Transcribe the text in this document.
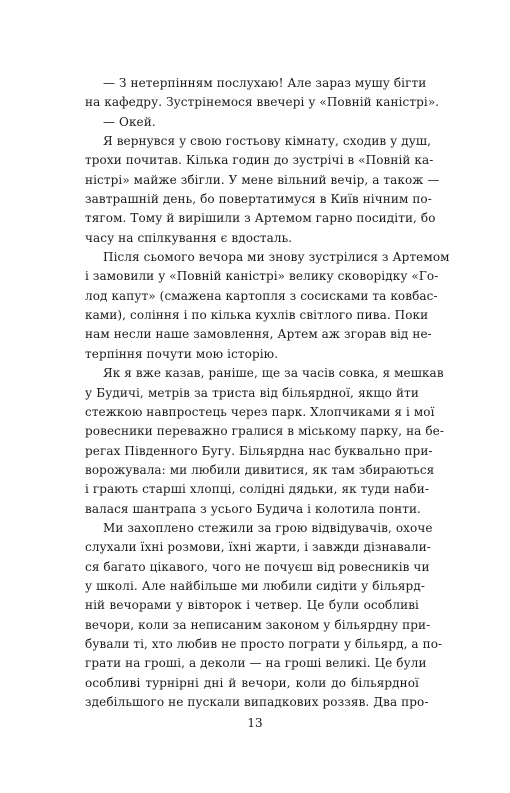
— З нетерпінням послухаю! Але зараз мушу бігти
на кафедру. Зустрінемося ввечері у «Повній каністрі».
— Окей.
Я вернувся у свою гостьову кімнату, сходив у душ,
трохи почитав. Кілька годин до зустрічі в «Повній ка-
ністрі» майже збігли. У мене вільний вечір, а також —
завтрашній день, бо повертатимуся в Київ нічним по-
тягом. Тому й вирішили з Артемом гарно посидіти, бо
часу на спілкування є вдосталь.
Після сьомого вечора ми знову зустрілися з Артемом
і замовили у «Повній каністрі» велику сковорідку «Го-
лод капут» (смажена картопля з сосисками та ковбас-
ками), соління і по кілька кухлів світлого пива. Поки
нам несли наше замовлення, Артем аж згорав від не-
терпіння почути мою історію.
Як я вже казав, раніше, ще за часів совка, я мешкав
у Будичі, метрів за триста від більярдної, якщо йти
стежкою навпростець через парк. Хлопчиками я і мої
ровесники переважно гралися в міському парку, на бе-
регах Південного Бугу. Більярдна нас буквально при-
ворожувала: ми любили дивитися, як там збираються
і грають старші хлопці, солідні дядьки, як туди наби-
валася шантрапа з усього Будича і колотила понти.
Ми захоплено стежили за грою відвідувачів, охоче
слухали їхні розмови, їхні жарти, і завжди дізнавали-
ся багато цікавого, чого не почуєш від ровесників чи
у школі. Але найбільше ми любили сидіти у більярд-
ній вечорами у вівторок і четвер. Це були особливі
вечори, коли за неписаним законом у більярдну при-
бували ті, хто любив не просто пограти у більярд, а по-
грати на гроші, а деколи — на гроші великі. Це були
особливі турнірні дні й вечори, коли до більярдної
здебільшого не пускали випадкових роззяв. Два про-
13
